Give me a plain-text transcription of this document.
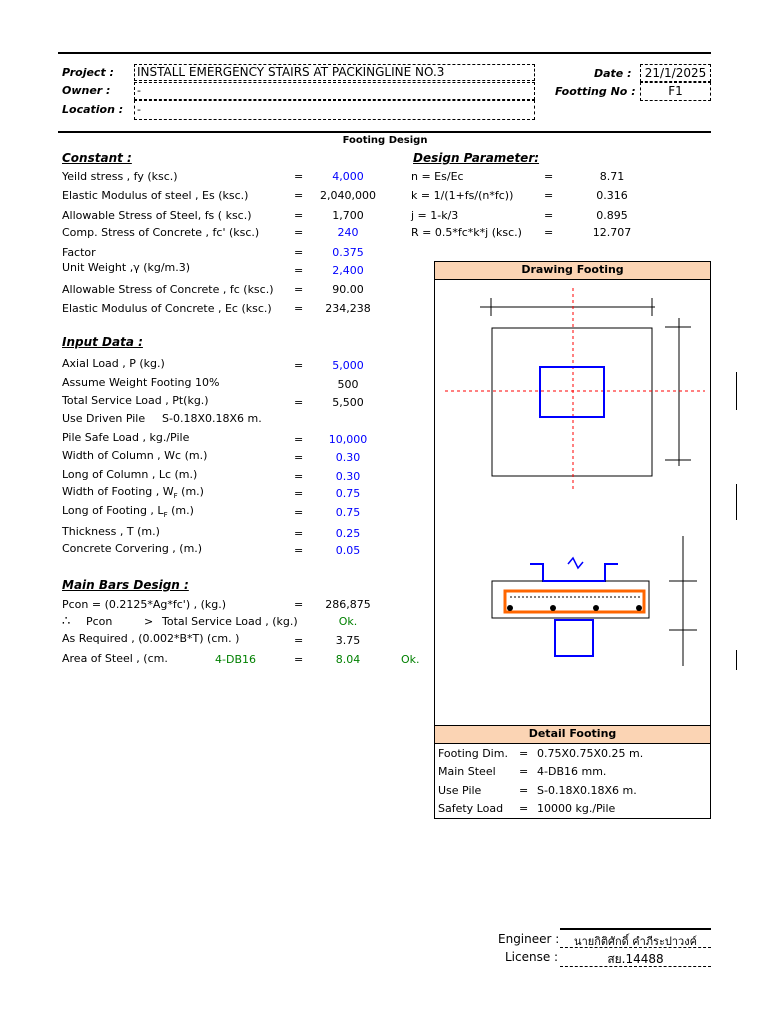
Project : INSTALL EMERGENCY STAIRS AT PACKINGLINE NO.3
Owner : -
Location : -
Date :	21/1/2025
Footting No :	F1
Footing Design
Constant :
Yeild stress , fy (ksc.)	=	4,000
Elastic Modulus of steel , Es (ksc.)	=	2,040,000
Allowable Stress of Steel, fs ( ksc.)	=	1,700
Comp. Stress of Concrete , fc' (ksc.)	=	240
Factor	=	0.375
Unit Weight ,γ (kg/m.3)	=	2,400
Allowable Stress of Concrete , fc (ksc.) =	90.00
Elastic Modulus of Concrete , Ec (ksc.) =	234,238
Design Parameter:
n = Es/Ec	=	8.71
k = 1/(1+fs/(n*fc))	=	0.316
j = 1-k/3	=	0.895
R = 0.5*fc*k*j (ksc.) =	12.707
Input Data :
Axial Load , P (kg.)	=	5,000
Assume Weight Footing 10%	500
Total Service Load , Pt(kg.)	=	5,500
Use Driven Pile S-0.18X0.18X6 m.
Pile Safe Load , kg./Pile	=	10,000
Width of Column , Wc (m.)	=	0.30
Long of Column , Lc (m.)	=	0.30
Width of Footing , $W_F$ (m.)	=	0.75
Long of Footing , $L_F$ (m.)	=	0.75
Thickness , T (m.)	=	0.25
Concrete Corvering , (m.)	=	0.05
Main Bars Design :
Pcon = (0.2125*Ag*fc') , (kg.)	=	286,875
∴ Pcon	> Total Service Load , (kg.)	Ok.
As Required , (0.002*B*T) (cm. )	=	3.75
Area of Steel , (cm.	4-DB16	=	8.04	Ok.
Drawing Footing
Detail Footing
Footing Dim. = 0.75X0.75X0.25 m.
Main Steel = 4-DB16 mm.
Use Pile	= S-0.18X0.18X6 m.
Safety Load = 10000 kg./Pile
Engineer :	นายกิติศักดิ์ คำภีระปาวงค์
License :	สย.14488
